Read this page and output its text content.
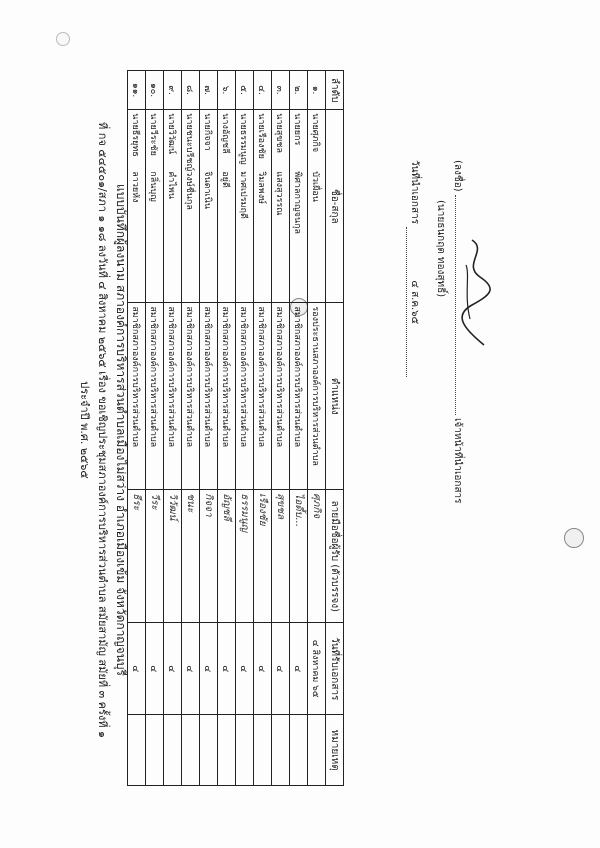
แบบบันทึกผู้ลงนาม สภาองค์การบริหารส่วนตำบลเมืองไม่สว่าง อำเภอเมืองเข้ม จังหวัดกาญจนบุรี
ที่ กจ ๕๔๕๐๑/สภา ๑ ๑๘ ลงวันที่ ๔ สิงหาคม ๒๕๖๕ เรื่อง ขอเชิญประชุมสภาองค์การบริหารส่วนตำบล สมัยสามัญ สมัยที่ ๓ ครั้งที่ ๑
ประจำปี พ.ศ. ๒๕๖๕
ลำดับ	ชื่อ-สกุล	ตำแหน่ง	ลายมือชื่อผู้รับ (ตัวบรรจง)	วันที่รับเอกสาร	หมายเหตุ
๑.	นายศุภกิจบัวเผื่อน	รองประธานสภาองค์การบริหารส่วนตำบล	ศุภกิจ	๔ สิงหาคม ๖๕	
๒.	นายยกรพิศาลกาญจนกุล	สมาชิกสภาองค์การบริหารส่วนตำบล	ไอดี้บ...	๔	
๓.	นายสุขชลแสงสุวรรณ	สมาชิกสภาองค์การบริหารส่วนตำบล	สุขชล	๔	
๔.	นายเรืองชัยวิมลพงษ์	สมาชิกสภาองค์การบริหารส่วนตำบล	เรืองชัย	๔	
๕.	นายธรรมนูญมาศเปรมฤดี	สมาชิกสภาองค์การบริหารส่วนตำบล	ธรรมนูญ	๔	
๖.	นางอัญชลีอยู่ดี	สมาชิกสภาองค์การบริหารส่วนตำบล	อัญชลี	๔	
๗.	นายกิจจาจินดาเนิน	สมาชิกสภาองค์การบริหารส่วนตำบล	กิจจา	๔	
๘.	นายชนะบรีชญ์วงษ์ชื่นกุล	สมาชิกสภาองค์การบริหารส่วนตำบล	ชนะ	๔	
๙.	นายวิวัฒน์คำไพน	สมาชิกสภาองค์การบริหารส่วนตำบล	วิวัฒน์	๔	
๑๐.	นายวีระชัยกลิ่นบุญ	สมาชิกสภาองค์การบริหารส่วนตำบล	วีระ	๔	
๑๑.	นายธีรยุทธลาวยหัง	สมาชิกสภาองค์การบริหารส่วนตำบล	ธีระ	๔	
(ลงชื่อ)
เจ้าหน้าที่นำเอกสาร
(นายธนกฤต ทองสุทธิ์)
วันที่นำเอกสาร ๔ ส.ค.๖๕
